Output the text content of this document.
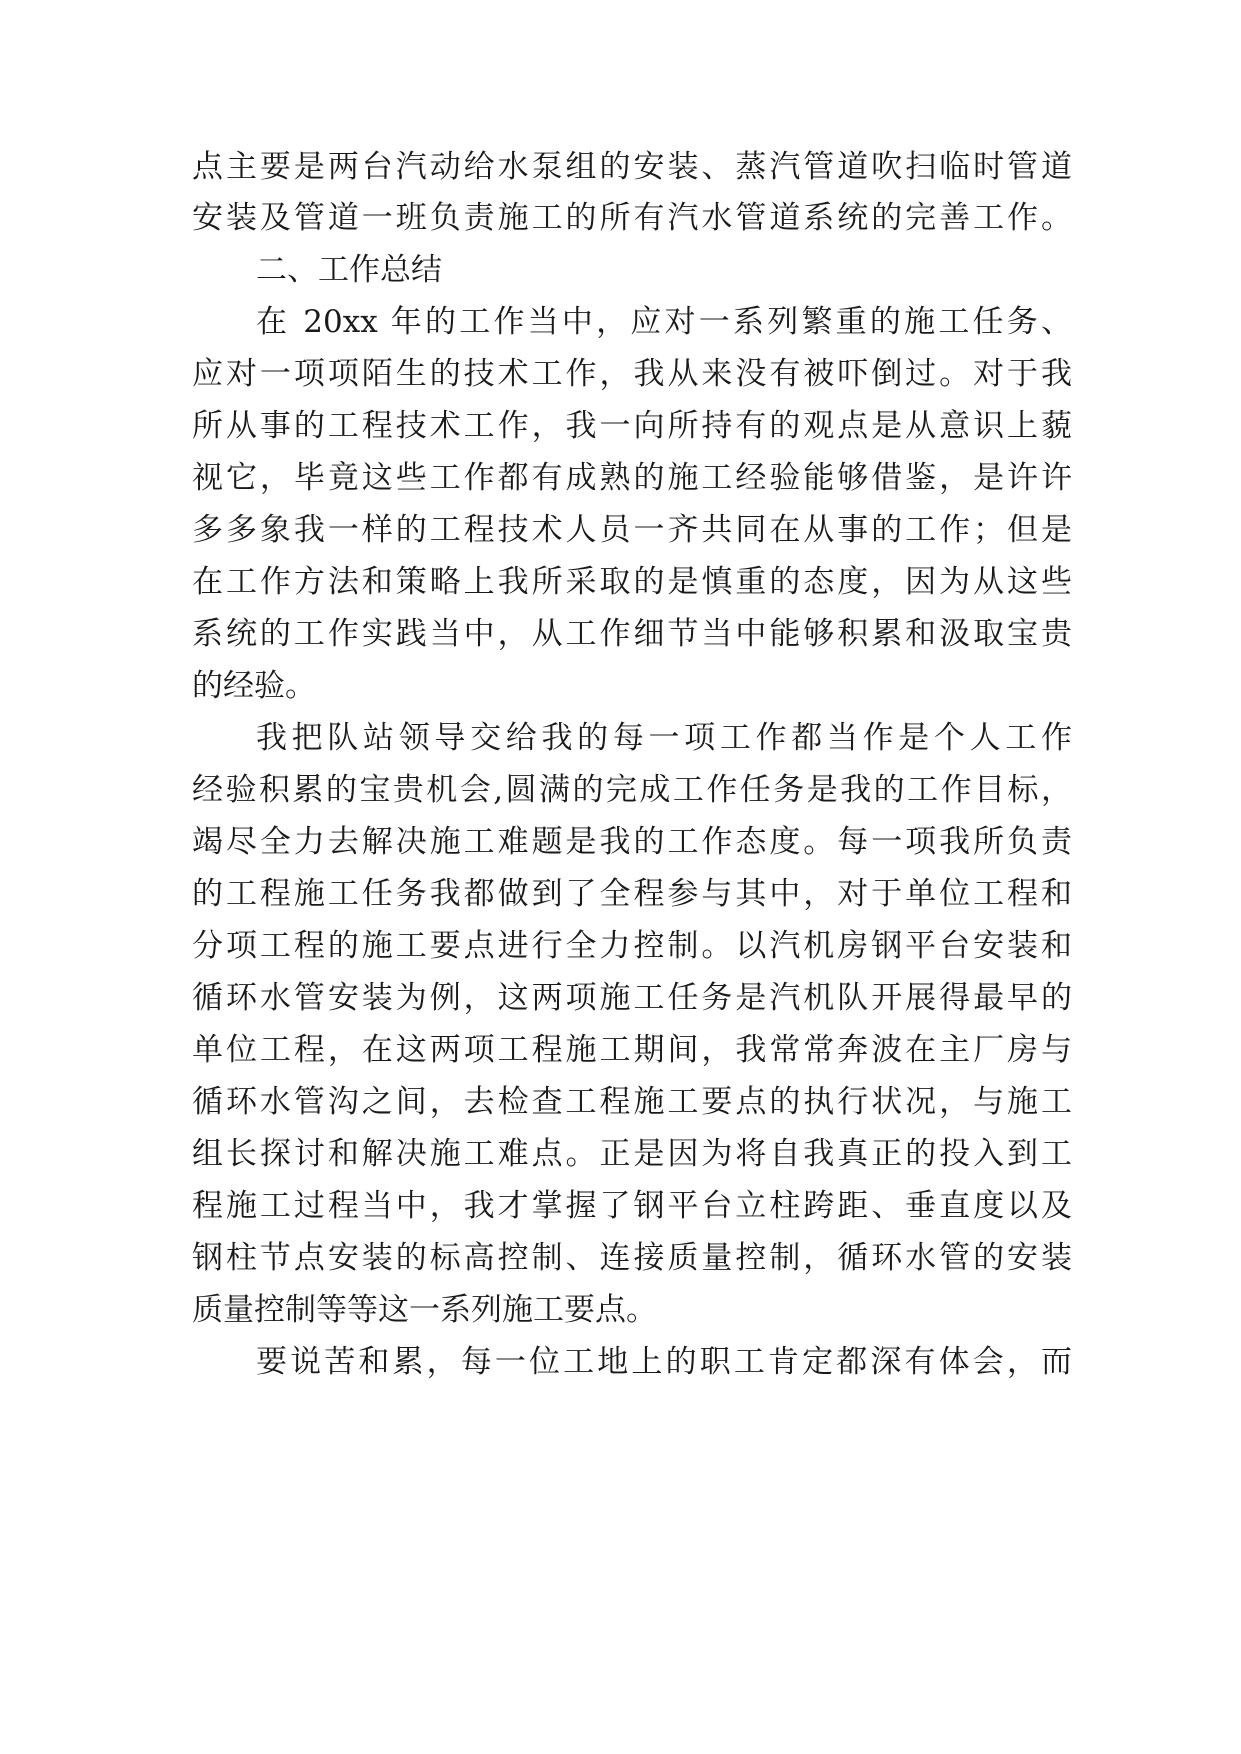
点主要是两台汽动给水泵组的安装、蒸汽管道吹扫临时管道
安装及管道一班负责施工的所有汽水管道系统的完善工作。
二、工作总结
在 20xx 年的工作当中，应对一系列繁重的施工任务、
应对一项项陌生的技术工作，我从来没有被吓倒过。对于我
所从事的工程技术工作，我一向所持有的观点是从意识上藐
视它，毕竟这些工作都有成熟的施工经验能够借鉴，是许许
多多象我一样的工程技术人员一齐共同在从事的工作；但是
在工作方法和策略上我所采取的是慎重的态度，因为从这些
系统的工作实践当中，从工作细节当中能够积累和汲取宝贵
的经验。
我把队站领导交给我的每一项工作都当作是个人工作
经验积累的宝贵机会,圆满的完成工作任务是我的工作目标，
竭尽全力去解决施工难题是我的工作态度。每一项我所负责
的工程施工任务我都做到了全程参与其中，对于单位工程和
分项工程的施工要点进行全力控制。以汽机房钢平台安装和
循环水管安装为例，这两项施工任务是汽机队开展得最早的
单位工程，在这两项工程施工期间，我常常奔波在主厂房与
循环水管沟之间，去检查工程施工要点的执行状况，与施工
组长探讨和解决施工难点。正是因为将自我真正的投入到工
程施工过程当中，我才掌握了钢平台立柱跨距、垂直度以及
钢柱节点安装的标高控制、连接质量控制，循环水管的安装
质量控制等等这一系列施工要点。
要说苦和累，每一位工地上的职工肯定都深有体会，而
